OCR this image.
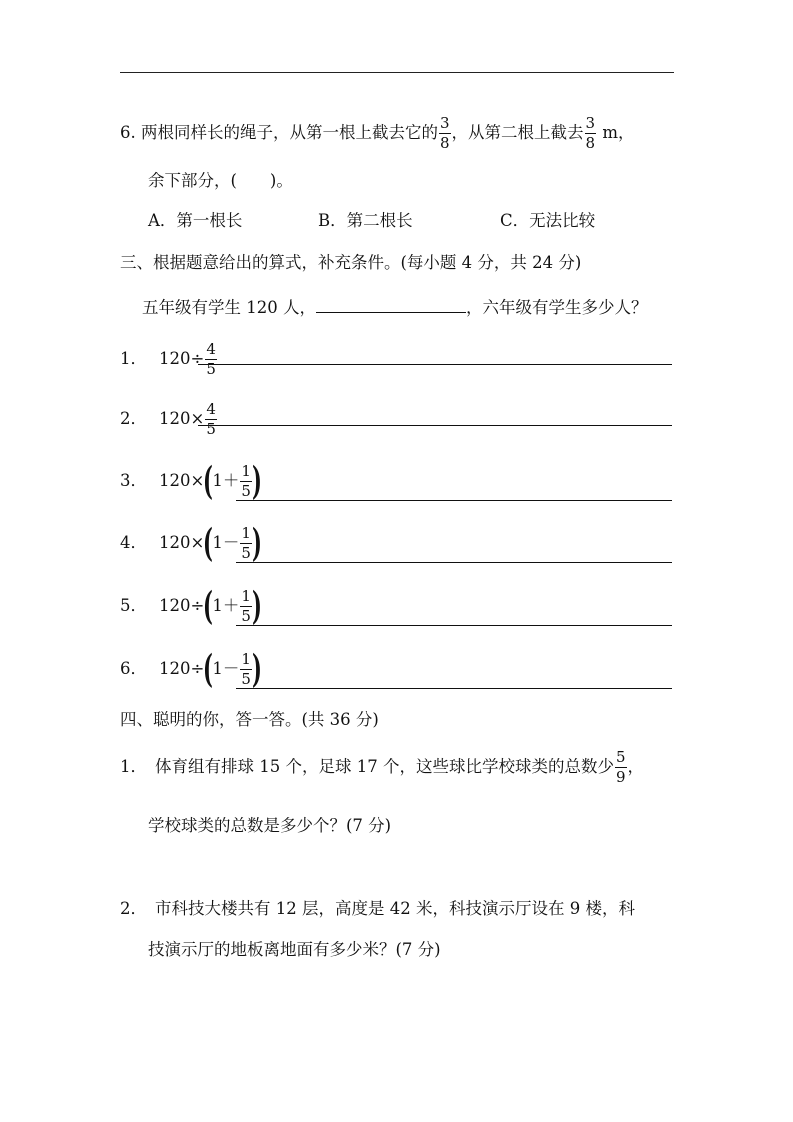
6. 两根同样长的绳子，从第一根上截去它的 $\frac{3}{8}$ ，从第二根上截去 $\frac{3}{8}$ m，
余下部分，(　　)。
A．第一根长	B．第二根长	C．无法比较
三、根据题意给出的算式，补充条件。(每小题 4 分，共 24 分)
五年级有学生 120 人，	，六年级有学生多少人？
1． $120\div \frac{4}{5}$
2． $120\times \frac{4}{5}$
3． 120× ( $1 + \frac{1}{5}$ )
4． 120× ( $1 - \frac{1}{5}$ )
5． 120÷ ( $1 + \frac{1}{5}$ )
6． 120÷ ( $1 - \frac{1}{5}$ )
四、聪明的你，答一答。(共 36 分)
1． 体育组有排球 15 个，足球 17 个，这些球比学校球类的总数少 $\frac{5}{9}$ ，
学校球类的总数是多少个？(7 分)
2． 市科技大楼共有 12 层，高度是 42 米，科技演示厅设在 9 楼，科
技演示厅的地板离地面有多少米？(7 分)
